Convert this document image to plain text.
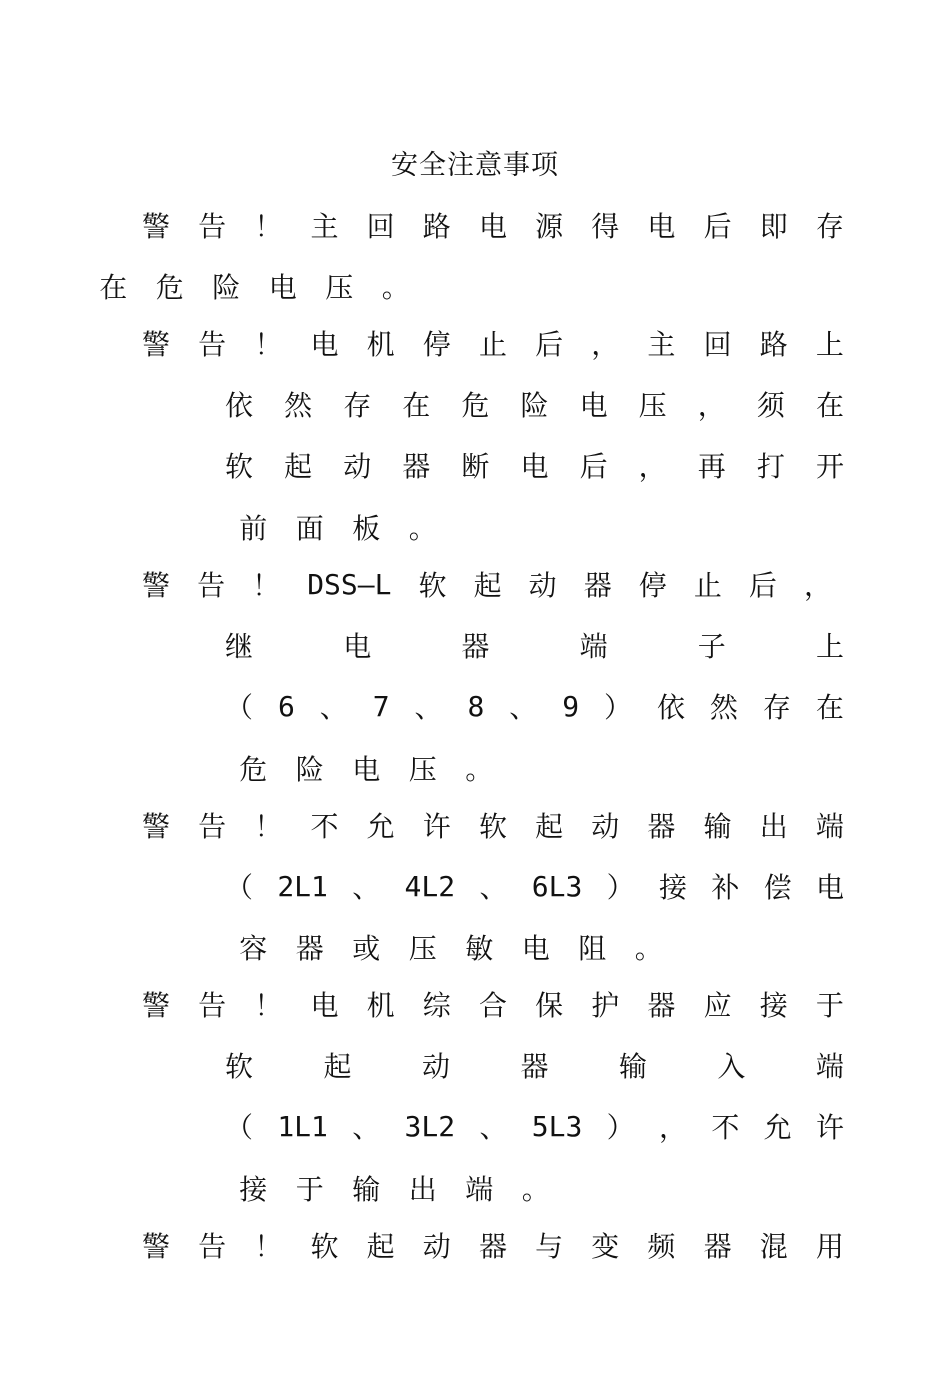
安全注意事项
警 告 ！ 主 回 路 电 源 得 电 后 即 存
在	危	险	电	压	。
警 告 ！ 电 机 停 止 后 ， 主 回 路 上
依 然 存 在 危 险 电 压 ， 须 在
软 起 动 器 断 电 后 ， 再 打 开
前	面	板	。
警 告 ！ DSS—L 软 起 动 器 停 止 后 ，
继	电	器	端	子	上
（ 6 、 7 、 8 、 9 ） 依 然 存 在
危	险	电	压	。
警 告 ！ 不 允 许 软 起 动 器 输 出 端
（ 2L1 、 4L2 、 6L3 ） 接 补 偿 电
容	器	或	压	敏	电	阻	。
警 告 ！ 电 机 综 合 保 护 器 应 接 于
软	起	动	器	输	入	端
（ 1L1 、 3L2 、 5L3 ） ， 不 允 许
接	于	输	出	端	。
警 告 ！ 软 起 动 器 与 变 频 器 混 用
